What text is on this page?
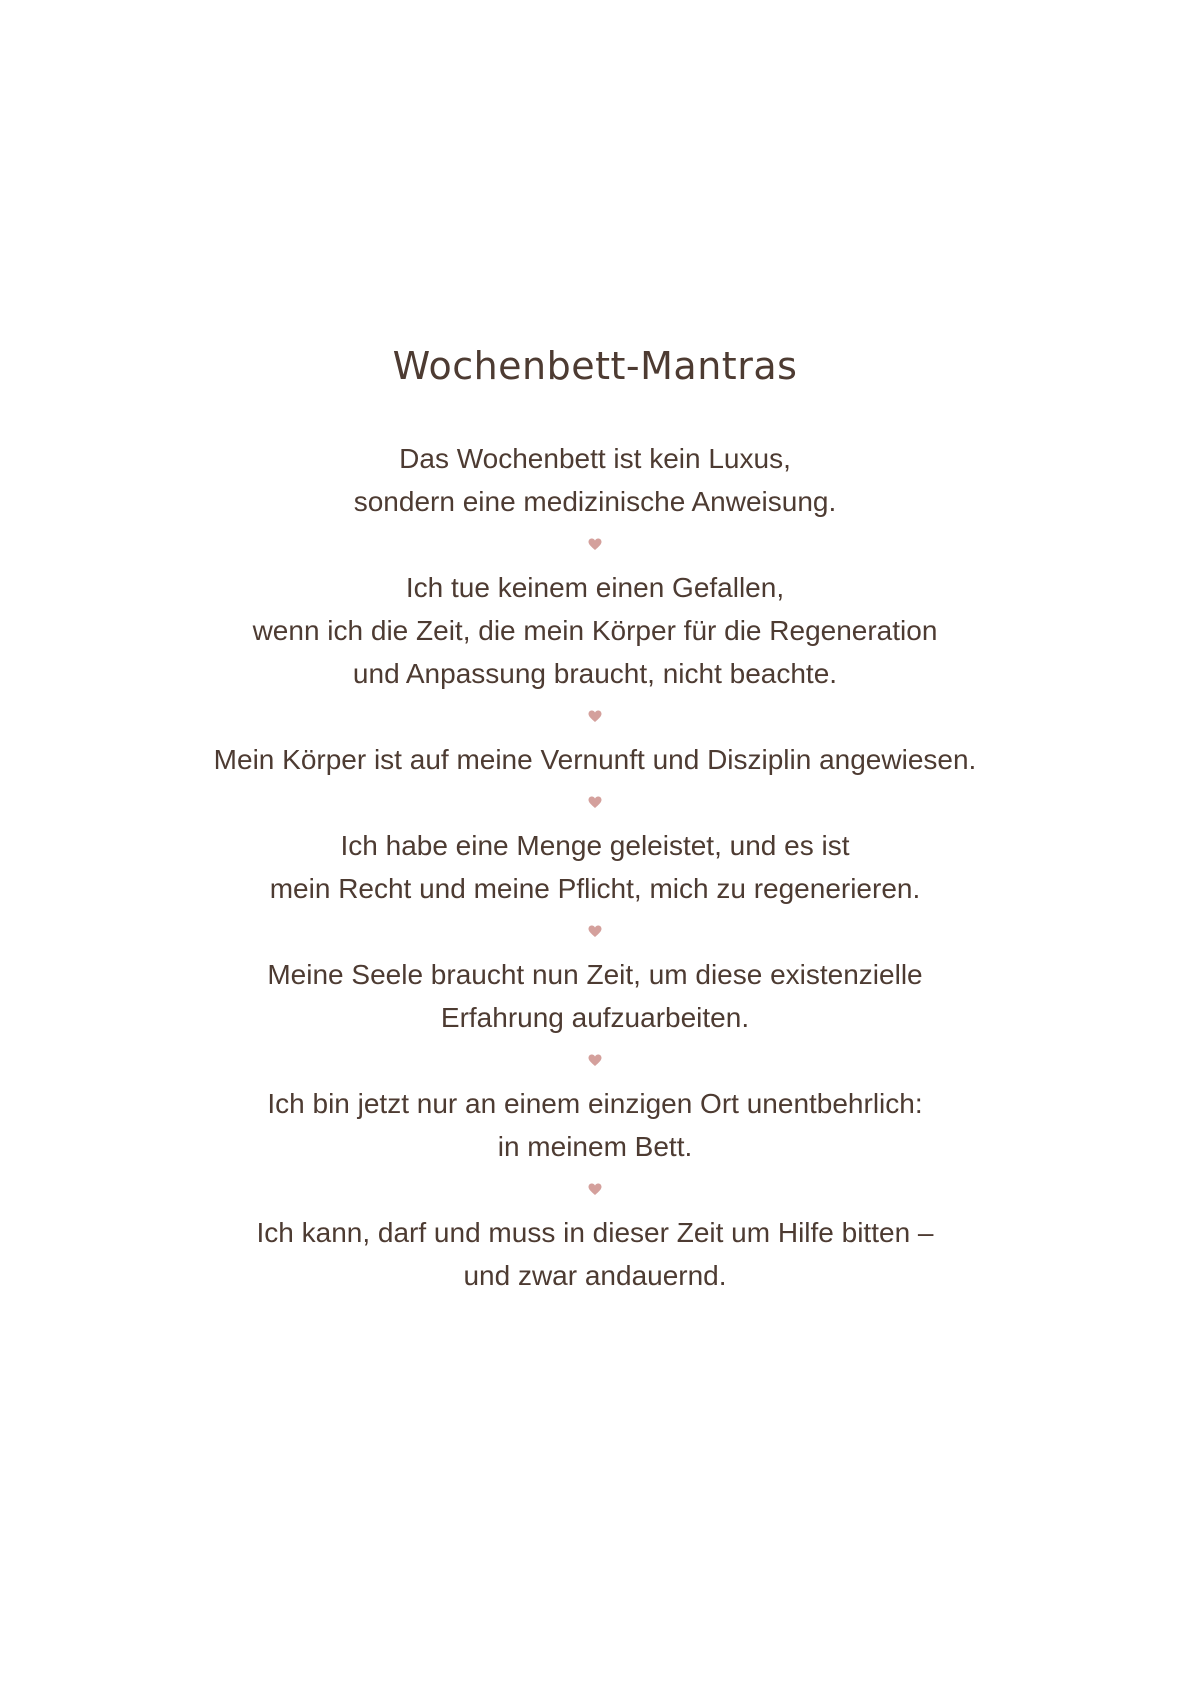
Wochenbett-Mantras
Das Wochenbett ist kein Luxus,
sondern eine medizinische Anweisung.
Ich tue keinem einen Gefallen,
wenn ich die Zeit, die mein Körper für die Regeneration
und Anpassung braucht, nicht beachte.
Mein Körper ist auf meine Vernunft und Disziplin angewiesen.
Ich habe eine Menge geleistet, und es ist
mein Recht und meine Pflicht, mich zu regenerieren.
Meine Seele braucht nun Zeit, um diese existenzielle
Erfahrung aufzuarbeiten.
Ich bin jetzt nur an einem einzigen Ort unentbehrlich:
in meinem Bett.
Ich kann, darf und muss in dieser Zeit um Hilfe bitten –
und zwar andauernd.
